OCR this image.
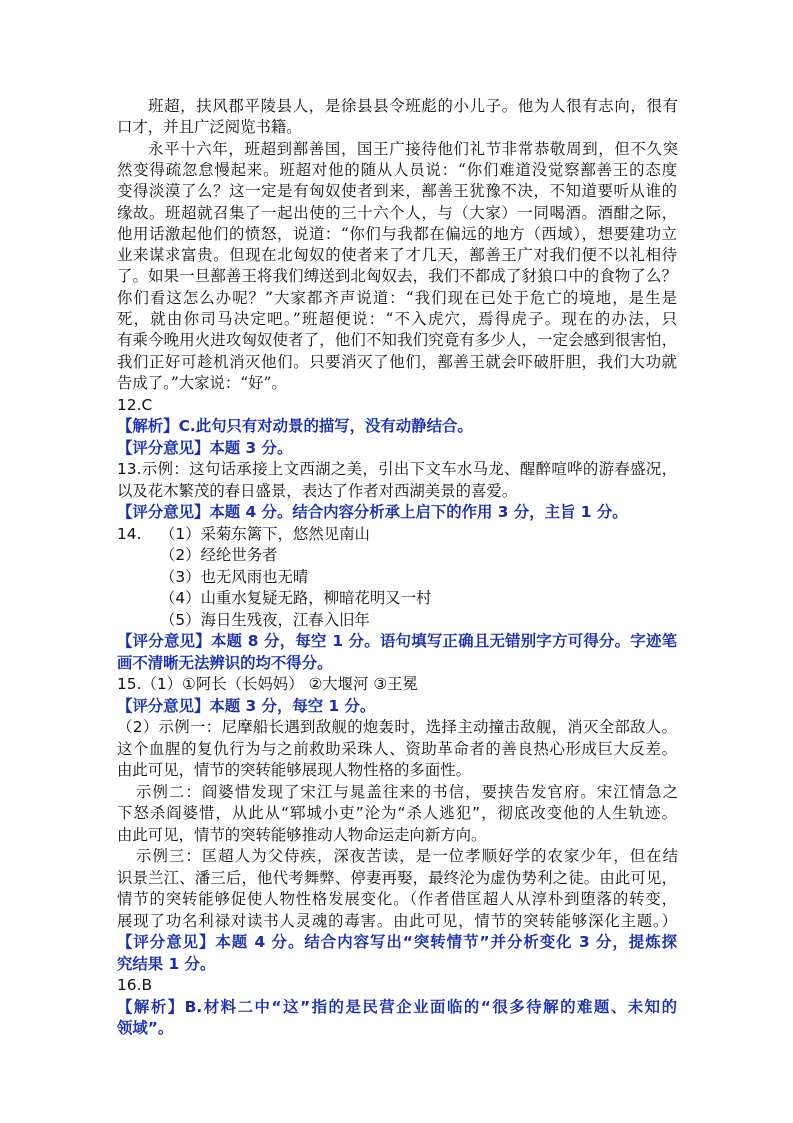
班超，扶风郡平陵县人，是徐县县令班彪的小儿子。他为人很有志向，很有
口才，并且广泛阅览书籍。
永平十六年，班超到鄯善国，国王广接待他们礼节非常恭敬周到，但不久突
然变得疏忽怠慢起来。班超对他的随从人员说：“你们难道没觉察鄯善王的态度
变得淡漠了么？这一定是有匈奴使者到来，鄯善王犹豫不决，不知道要听从谁的
缘故。班超就召集了一起出使的三十六个人，与（大家）一同喝酒。酒酣之际，
他用话激起他们的愤怒，说道：“你们与我都在偏远的地方（西域），想要建功立
业来谋求富贵。但现在北匈奴的使者来了才几天，鄯善王广对我们便不以礼相待
了。如果一旦鄯善王将我们缚送到北匈奴去，我们不都成了豺狼口中的食物了么？
你们看这怎么办呢？”大家都齐声说道：“我们现在已处于危亡的境地，是生是
死，就由你司马决定吧。”班超便说：“不入虎穴，焉得虎子。现在的办法，只
有乘今晚用火进攻匈奴使者了，他们不知我们究竟有多少人，一定会感到很害怕，
我们正好可趁机消灭他们。只要消灭了他们，鄯善王就会吓破肝胆，我们大功就
告成了。”大家说：“好”。
12.C
【解析】C.此句只有对动景的描写，没有动静结合。
【评分意见】本题 3 分。
13.示例：这句话承接上文西湖之美，引出下文车水马龙、醒醉喧哗的游春盛况，
以及花木繁茂的春日盛景，表达了作者对西湖美景的喜爱。
【评分意见】本题 4 分。结合内容分析承上启下的作用 3 分，主旨 1 分。
14.	（1）采菊东篱下，悠然见南山
（2）经纶世务者
（3）也无风雨也无晴
（4）山重水复疑无路，柳暗花明又一村
（5）海日生残夜，江春入旧年
【评分意见】本题 8 分，每空 1 分。语句填写正确且无错别字方可得分。字迹笔
画不清晰无法辨识的均不得分。
15.（1）①阿长（长妈妈） ②大堰河 ③王冕
【评分意见】本题 3 分，每空 1 分。
（2）示例一：尼摩船长遇到敌舰的炮轰时，选择主动撞击敌舰，消灭全部敌人。
这个血腥的复仇行为与之前救助采珠人、资助革命者的善良热心形成巨大反差。
由此可见，情节的突转能够展现人物性格的多面性。
示例二：阎婆惜发现了宋江与晁盖往来的书信，要挟告发官府。宋江情急之
下怒杀阎婆惜，从此从“郓城小吏”沦为“杀人逃犯”，彻底改变他的人生轨迹。
由此可见，情节的突转能够推动人物命运走向新方向。
示例三：匡超人为父侍疾，深夜苦读，是一位孝顺好学的农家少年，但在结
识景兰江、潘三后，他代考舞弊、停妻再娶，最终沦为虚伪势利之徒。由此可见，
情节的突转能够促使人物性格发展变化。（作者借匡超人从淳朴到堕落的转变，
展现了功名利禄对读书人灵魂的毒害。由此可见，情节的突转能够深化主题。）
【评分意见】本题 4 分。结合内容写出“突转情节”并分析变化 3 分，提炼探
究结果 1 分。
16.B
【解析】B.材料二中“这”指的是民营企业面临的“很多待解的难题、未知的
领域”。
